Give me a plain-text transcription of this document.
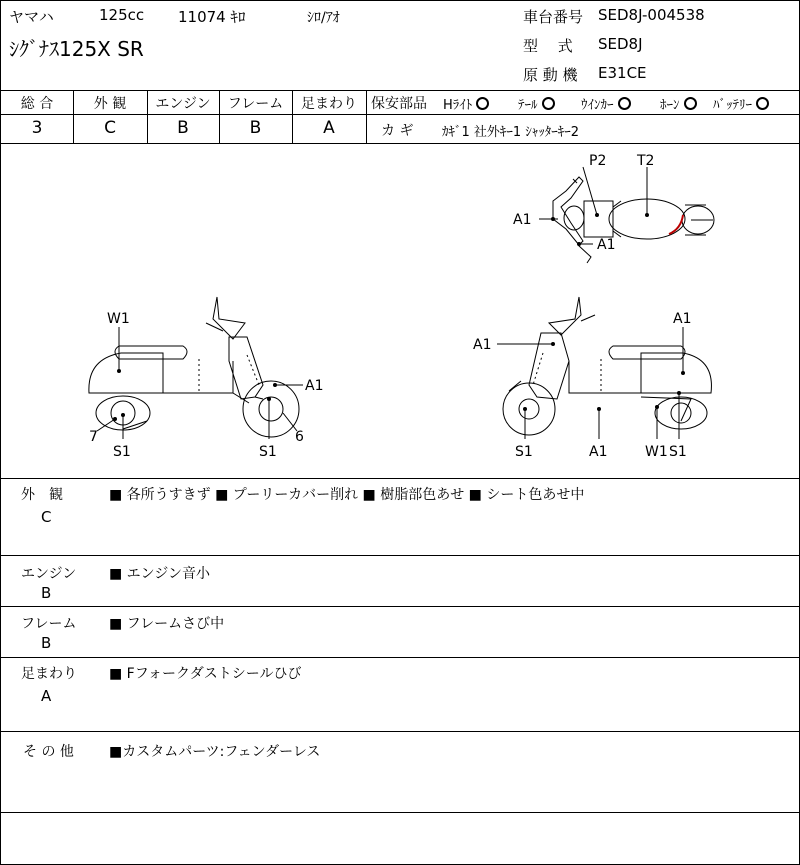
ヤマハ	125cc 11074 ｷﾛ	ｼﾛ/ｱｵ
ｼｸﾞﾅｽ125X SR
車台番号 SED8J-004538
型　 式 SED8J
原 動 機 E31CE
総 合	外 観	エンジン	フレーム	足まわり
3	C	B	B	A
保安部品 Hﾗｲﾄ	ﾃｰﾙ	ｳｲﾝｶｰ	ﾎｰﾝ	ﾊﾞｯﾃﾘｰ
カ ギ ｶｷﾞ1 社外ｷｰ1 ｼｬｯﾀｰｷｰ2
P2 T2
A1
A1
W1
A1
7
S1	S1
6
A1
A1
S1	A1	W1 S1
外　観
C
■ 各所うすきず ■ プーリーカバー削れ ■ 樹脂部色あせ ■ シート色あせ中
エンジン
B
■ エンジン音小
フレーム
B
■ フレームさび中
足まわり
A
■ Fフォークダストシールひび
そ の 他	■カスタムパーツ:フェンダーレス
